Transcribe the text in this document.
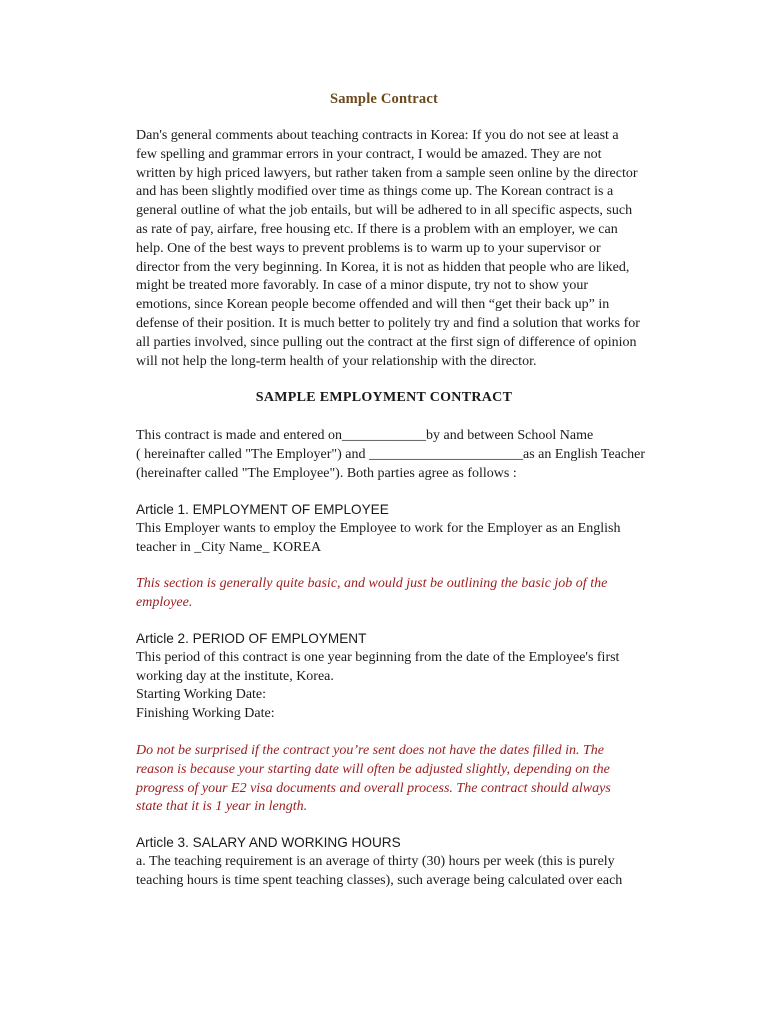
Sample Contract
Dan's general comments about teaching contracts in Korea: If you do not see at least a
few spelling and grammar errors in your contract, I would be amazed. They are not
written by high priced lawyers, but rather taken from a sample seen online by the director
and has been slightly modified over time as things come up. The Korean contract is a
general outline of what the job entails, but will be adhered to in all specific aspects, such
as rate of pay, airfare, free housing etc. If there is a problem with an employer, we can
help. One of the best ways to prevent problems is to warm up to your supervisor or
director from the very beginning. In Korea, it is not as hidden that people who are liked,
might be treated more favorably. In case of a minor dispute, try not to show your
emotions, since Korean people become offended and will then “get their back up” in
defense of their position. It is much better to politely try and find a solution that works for
all parties involved, since pulling out the contract at the first sign of difference of opinion
will not help the long-term health of your relationship with the director.
SAMPLE EMPLOYMENT CONTRACT
This contract is made and entered on____________by and between School Name
( hereinafter called "The Employer") and ______________________as an English Teacher
(hereinafter called "The Employee"). Both parties agree as follows :
Article 1. EMPLOYMENT OF EMPLOYEE
This Employer wants to employ the Employee to work for the Employer as an English
teacher in _City Name_ KOREA
This section is generally quite basic, and would just be outlining the basic job of the
employee.
Article 2. PERIOD OF EMPLOYMENT
This period of this contract is one year beginning from the date of the Employee's first
working day at the institute, Korea.
Starting Working Date:
Finishing Working Date:
Do not be surprised if the contract you’re sent does not have the dates filled in. The
reason is because your starting date will often be adjusted slightly, depending on the
progress of your E2 visa documents and overall process. The contract should always
state that it is 1 year in length.
Article 3. SALARY AND WORKING HOURS
a. The teaching requirement is an average of thirty (30) hours per week (this is purely
teaching hours is time spent teaching classes), such average being calculated over each
